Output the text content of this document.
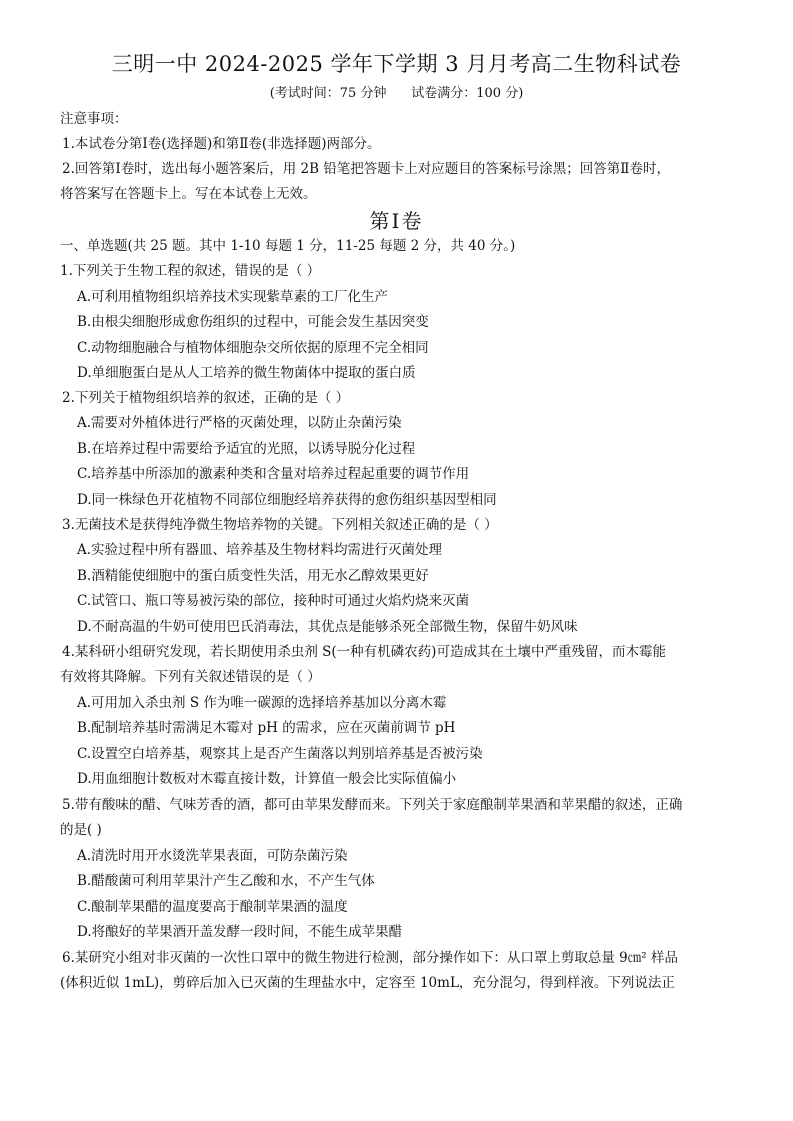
三明一中 2024-2025 学年下学期 3 月月考高二生物科试卷
(考试时间：75 分钟      试卷满分：100 分)
注意事项：
1.本试卷分第Ⅰ卷(选择题)和第Ⅱ卷(非选择题)两部分。
2.回答第Ⅰ卷时，选出每小题答案后，用 2B 铅笔把答题卡上对应题目的答案标号涂黑；回答第Ⅱ卷时，
将答案写在答题卡上。写在本试卷上无效。
第Ⅰ卷
一、单选题(共 25 题。其中 1-10 每题 1 分，11-25 每题 2 分，共 40 分。)
1.下列关于生物工程的叙述，错误的是（ ）
A.可利用植物组织培养技术实现紫草素的工厂化生产
B.由根尖细胞形成愈伤组织的过程中，可能会发生基因突变
C.动物细胞融合与植物体细胞杂交所依据的原理不完全相同
D.单细胞蛋白是从人工培养的微生物菌体中提取的蛋白质
2.下列关于植物组织培养的叙述，正确的是（ ）
A.需要对外植体进行严格的灭菌处理，以防止杂菌污染
B.在培养过程中需要给予适宜的光照，以诱导脱分化过程
C.培养基中所添加的激素种类和含量对培养过程起重要的调节作用
D.同一株绿色开花植物不同部位细胞经培养获得的愈伤组织基因型相同
3.无菌技术是获得纯净微生物培养物的关键。下列相关叙述正确的是（ ）
A.实验过程中所有器皿、培养基及生物材料均需进行灭菌处理
B.酒精能使细胞中的蛋白质变性失活，用无水乙醇效果更好
C.试管口、瓶口等易被污染的部位，接种时可通过火焰灼烧来灭菌
D.不耐高温的牛奶可使用巴氏消毒法，其优点是能够杀死全部微生物，保留牛奶风味
4.某科研小组研究发现，若长期使用杀虫剂 S(一种有机磷农药)可造成其在土壤中严重残留，而木霉能
有效将其降解。下列有关叙述错误的是（ ）
A.可用加入杀虫剂 S 作为唯一碳源的选择培养基加以分离木霉
B.配制培养基时需满足木霉对 pH 的需求，应在灭菌前调节 pH
C.设置空白培养基，观察其上是否产生菌落以判别培养基是否被污染
D.用血细胞计数板对木霉直接计数，计算值一般会比实际值偏小
5.带有酸味的醋、气味芳香的酒，都可由苹果发酵而来。下列关于家庭酿制苹果酒和苹果醋的叙述，正确
的是( )
A.清洗时用开水烫洗苹果表面，可防杂菌污染
B.醋酸菌可利用苹果汁产生乙酸和水，不产生气体
C.酿制苹果醋的温度要高于酿制苹果酒的温度
D.将酿好的苹果酒开盖发酵一段时间，不能生成苹果醋
6.某研究小组对非灭菌的一次性口罩中的微生物进行检测，部分操作如下：从口罩上剪取总量 9㎝² 样品
(体积近似 1mL)，剪碎后加入已灭菌的生理盐水中，定容至 10mL，充分混匀，得到样液。下列说法正
